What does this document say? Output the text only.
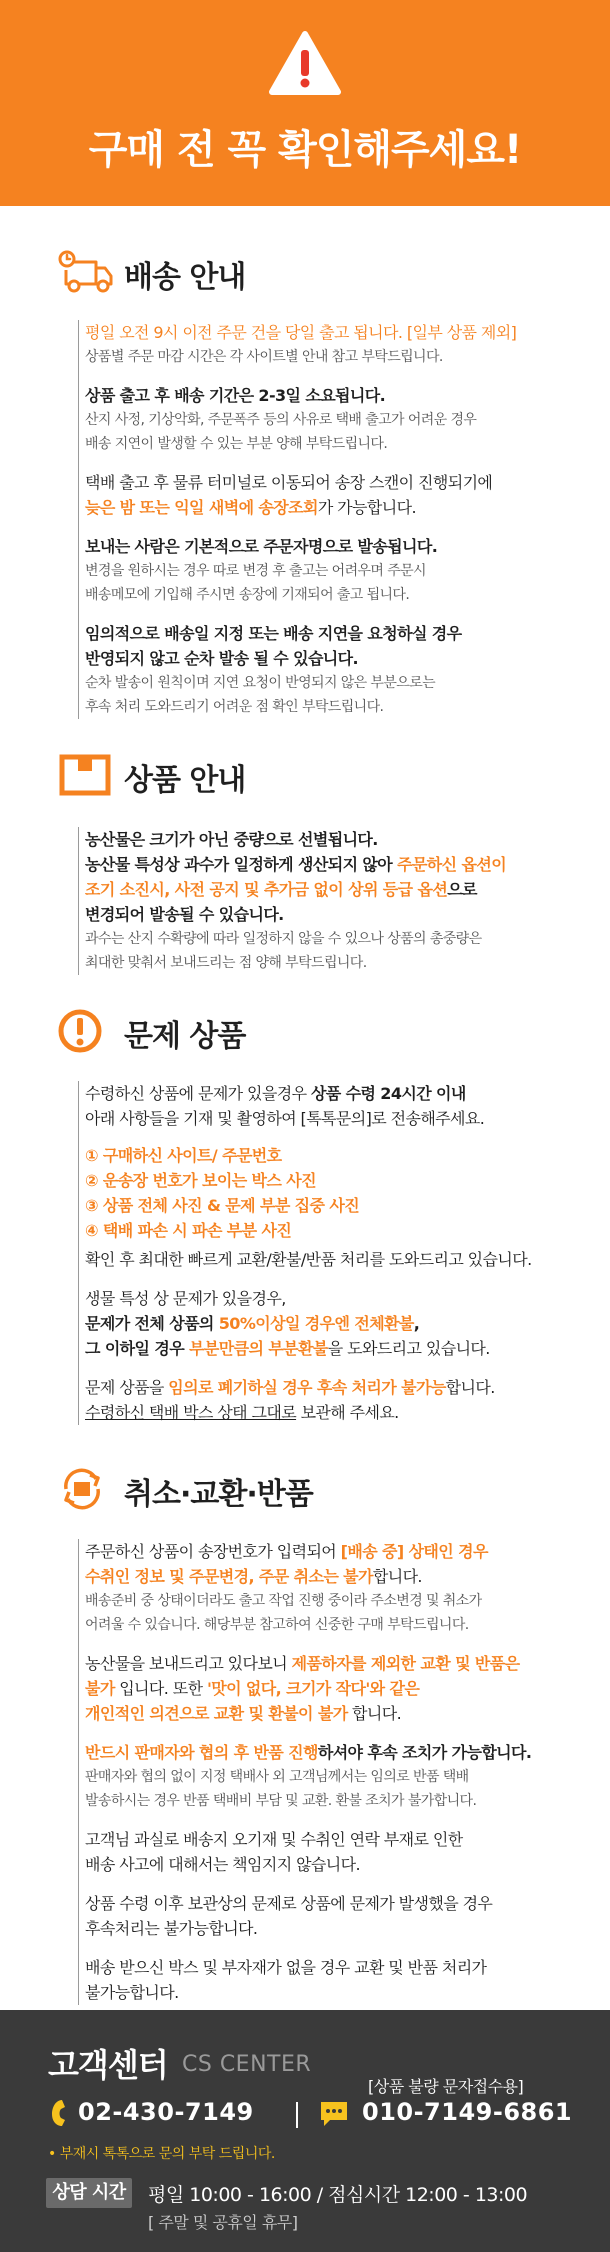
구매 전 꼭 확인해주세요!
배송 안내
평일 오전 9시 이전 주문 건을 당일 출고 됩니다. [일부 상품 제외]
상품별 주문 마감 시간은 각 사이트별 안내 참고 부탁드립니다.
상품 출고 후 배송 기간은 2-3일 소요됩니다.
산지 사정, 기상악화, 주문폭주 등의 사유로 택배 출고가 어려운 경우
배송 지연이 발생할 수 있는 부분 양해 부탁드립니다.
택배 출고 후 물류 터미널로 이동되어 송장 스캔이 진행되기에
늦은 밤 또는 익일 새벽에 송장조회가 가능합니다.
보내는 사람은 기본적으로 주문자명으로 발송됩니다.
변경을 원하시는 경우 따로 변경 후 출고는 어려우며 주문시
배송메모에 기입해 주시면 송장에 기재되어 출고 됩니다.
임의적으로 배송일 지정 또는 배송 지연을 요청하실 경우
반영되지 않고 순차 발송 될 수 있습니다.
순차 발송이 원칙이며 지연 요청이 반영되지 않은 부분으로는
후속 처리 도와드리기 어려운 점 확인 부탁드립니다.
상품 안내
농산물은 크기가 아닌 중량으로 선별됩니다.
농산물 특성상 과수가 일정하게 생산되지 않아 주문하신 옵션이
조기 소진시, 사전 공지 및 추가금 없이 상위 등급 옵션으로
변경되어 발송될 수 있습니다.
과수는 산지 수확량에 따라 일정하지 않을 수 있으나 상품의 총중량은
최대한 맞춰서 보내드리는 점 양해 부탁드립니다.
문제 상품
수령하신 상품에 문제가 있을경우 상품 수령 24시간 이내
아래 사항들을 기재 및 촬영하여 [톡톡문의]로 전송해주세요.
① 구매하신 사이트/ 주문번호
② 운송장 번호가 보이는 박스 사진
③ 상품 전체 사진 & 문제 부분 집중 사진
④ 택배 파손 시 파손 부분 사진
확인 후 최대한 빠르게 교환/환불/반품 처리를 도와드리고 있습니다.
생물 특성 상 문제가 있을경우,
문제가 전체 상품의 50%이상일 경우엔 전체환불,
그 이하일 경우 부분만큼의 부분환불을 도와드리고 있습니다.
문제 상품을 임의로 폐기하실 경우 후속 처리가 불가능합니다.
수령하신 택배 박스 상태 그대로 보관해 주세요.
취소·교환·반품
주문하신 상품이 송장번호가 입력되어 [배송 중] 상태인 경우
수취인 정보 및 주문변경, 주문 취소는 불가합니다.
배송준비 중 상태이더라도 출고 작업 진행 중이라 주소변경 및 취소가
어려울 수 있습니다. 해당부분 참고하여 신중한 구매 부탁드립니다.
농산물을 보내드리고 있다보니 제품하자를 제외한 교환 및 반품은
불가 입니다. 또한 '맛이 없다, 크기가 작다'와 같은
개인적인 의견으로 교환 및 환불이 불가 합니다.
반드시 판매자와 협의 후 반품 진행하셔야 후속 조치가 가능합니다.
판매자와 협의 없이 지정 택배사 외 고객님께서는 임의로 반품 택배
발송하시는 경우 반품 택배비 부담 및 교환. 환불 조치가 불가합니다.
고객님 과실로 배송지 오기재 및 수취인 연락 부재로 인한
배송 사고에 대해서는 책임지지 않습니다.
상품 수령 이후 보관상의 문제로 상품에 문제가 발생했을 경우
후속처리는 불가능합니다.
배송 받으신 박스 및 부자재가 없을 경우 교환 및 반품 처리가
불가능합니다.
고객센터 CS CENTER
[상품 불량 문자접수용]
02-430-7149	010-7149-6861
• 부재시 톡톡으로 문의 부탁 드립니다.
상담 시간	평일 10:00 - 16:00 / 점심시간 12:00 - 13:00
[ 주말 및 공휴일 휴무]
